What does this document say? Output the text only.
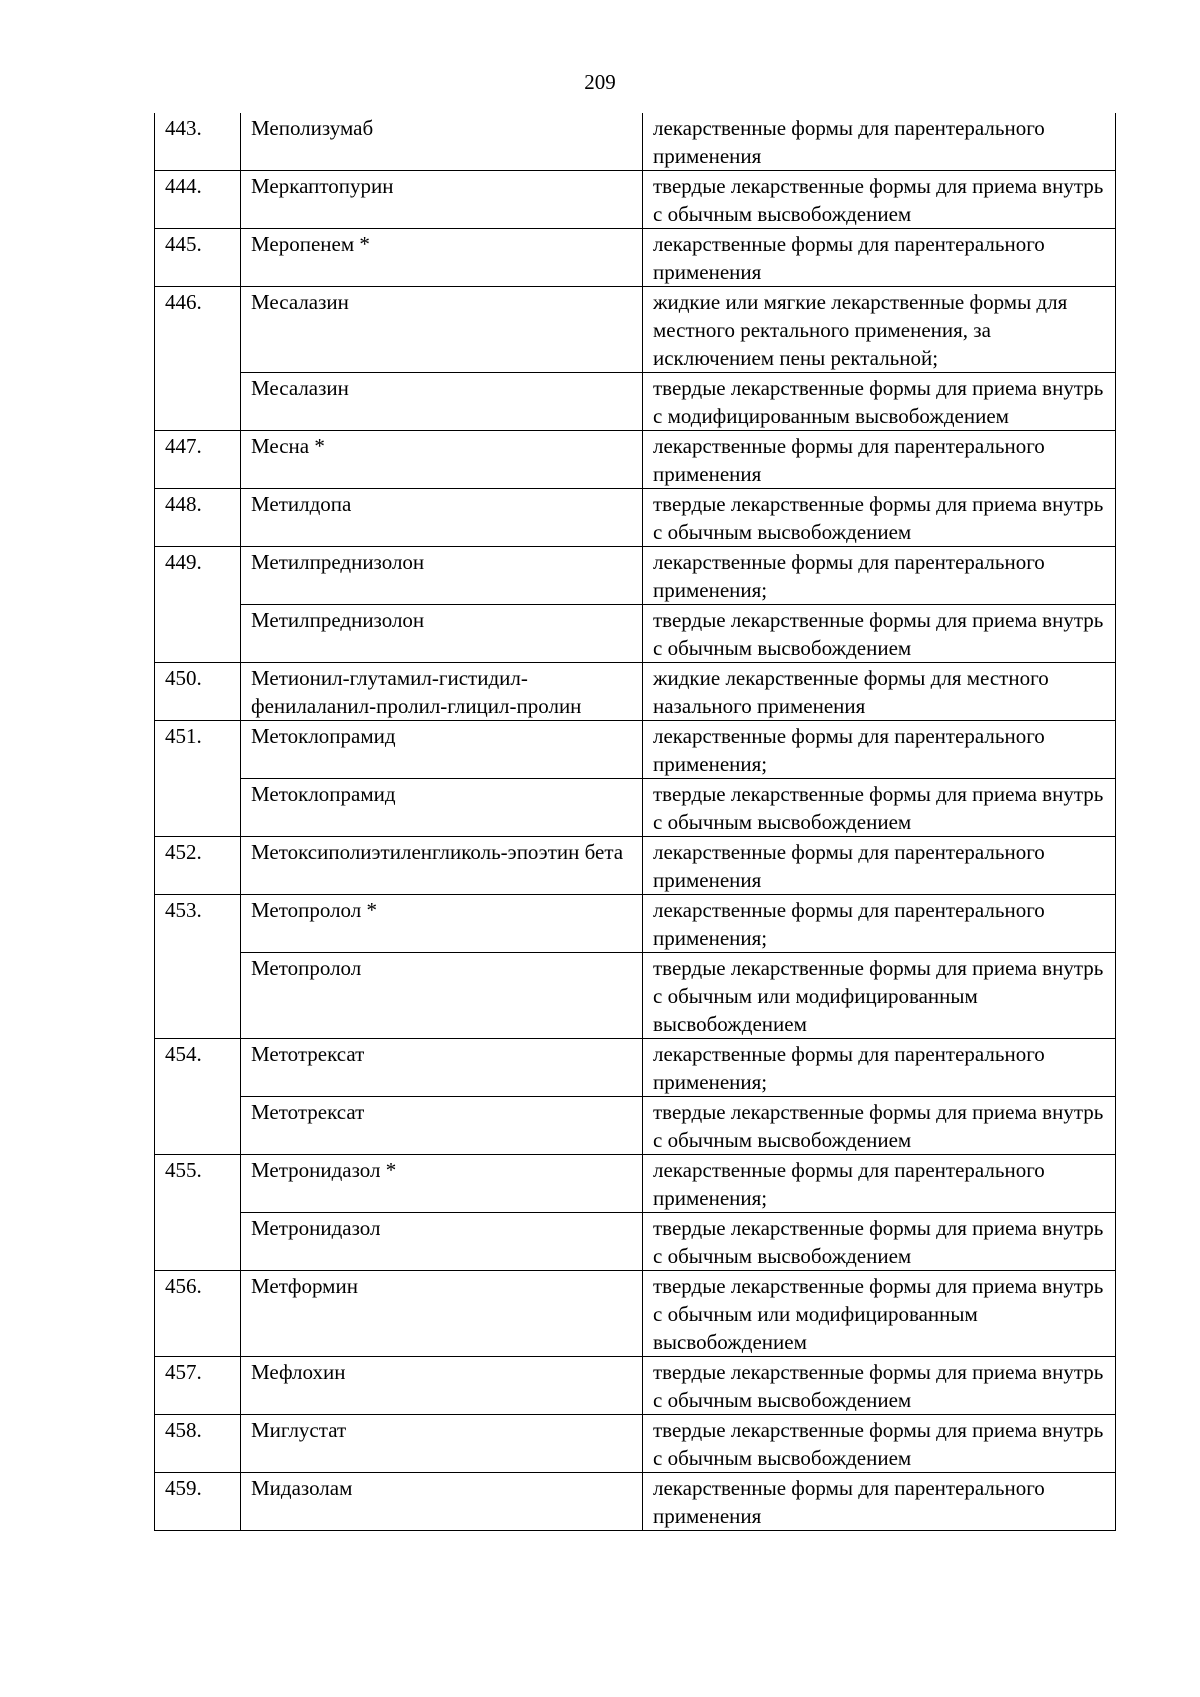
209
443.	Меполизумаб	лекарственные формы для парентерального применения
444.	Меркаптопурин	твердые лекарственные формы для приема внутрь с обычным высвобождением
445.	Меропенем *	лекарственные формы для парентерального применения
446.	Месалазин	жидкие или мягкие лекарственные формы для местного ректального применения, за исключением пены ректальной;
	Месалазин	твердые лекарственные формы для приема внутрь с модифицированным высвобождением
447.	Месна *	лекарственные формы для парентерального применения
448.	Метилдопа	твердые лекарственные формы для приема внутрь с обычным высвобождением
449.	Метилпреднизолон	лекарственные формы для парентерального применения;
	Метилпреднизолон	твердые лекарственные формы для приема внутрь с обычным высвобождением
450.	Метионил-глутамил-гистидил-фенилаланил-пролил-глицил-пролин	жидкие лекарственные формы для местного назального применения
451.	Метоклопрамид	лекарственные формы для парентерального применения;
	Метоклопрамид	твердые лекарственные формы для приема внутрь с обычным высвобождением
452.	Метоксиполиэтиленгликоль-эпоэтин бета	лекарственные формы для парентерального применения
453.	Метопролол *	лекарственные формы для парентерального применения;
	Метопролол	твердые лекарственные формы для приема внутрь с обычным или модифицированным высвобождением
454.	Метотрексат	лекарственные формы для парентерального применения;
	Метотрексат	твердые лекарственные формы для приема внутрь с обычным высвобождением
455.	Метронидазол *	лекарственные формы для парентерального применения;
	Метронидазол	твердые лекарственные формы для приема внутрь с обычным высвобождением
456.	Метформин	твердые лекарственные формы для приема внутрь с обычным или модифицированным высвобождением
457.	Мефлохин	твердые лекарственные формы для приема внутрь с обычным высвобождением
458.	Миглустат	твердые лекарственные формы для приема внутрь с обычным высвобождением
459.	Мидазолам	лекарственные формы для парентерального применения
